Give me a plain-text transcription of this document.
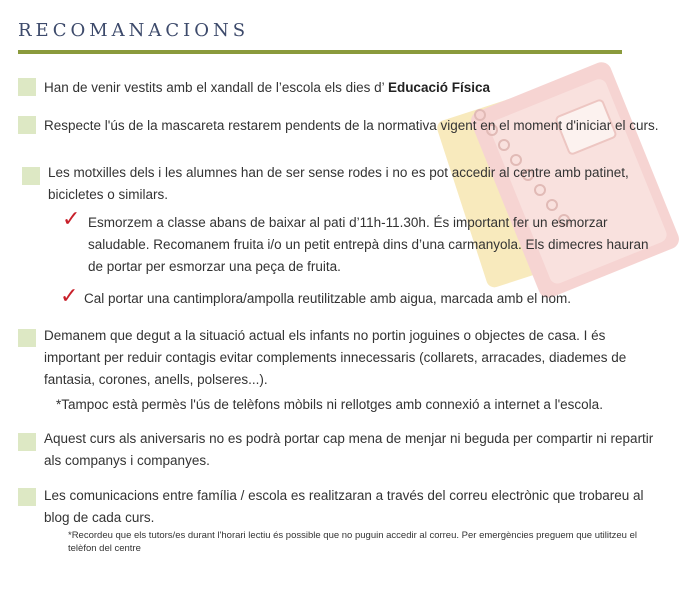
RECOMANACIONS
Han de venir vestits amb el xandall de l’escola els dies d’ Educació Física
Respecte l'ús de la mascareta restarem pendents de la normativa vigent en el moment d'iniciar el curs.
Les motxilles dels i les alumnes han de ser sense rodes i no es pot accedir al centre amb patinet, bicicletes o similars.
✓ Esmorzem a classe abans de baixar al pati d’11h-11.30h. És important fer un esmorzar saludable. Recomanem fruita i/o un petit entrepà dins d’una carmanyola. Els dimecres hauran de portar per esmorzar una peça de fruita.
✓ Cal portar una cantimplora/ampolla reutilitzable amb aigua, marcada amb el nom.
Demanem que degut a la situació actual els infants no portin joguines o objectes de casa. I és important per reduir contagis evitar complements innecessaris (collarets, arracades, diademes de fantasia, corones, anells, polseres...).
*Tampoc està permès l'ús de telèfons mòbils ni rellotges amb connexió a internet a l'escola.
Aquest curs als aniversaris no es podrà portar cap mena de menjar ni beguda per compartir ni repartir als companys i companyes.
Les comunicacions entre família / escola es realitzaran a través del correu electrònic que trobareu al blog de cada curs.
*Recordeu que els tutors/es durant l'horari lectiu és possible que no puguin accedir al correu. Per emergències preguem que utilitzeu el telèfon del centre
